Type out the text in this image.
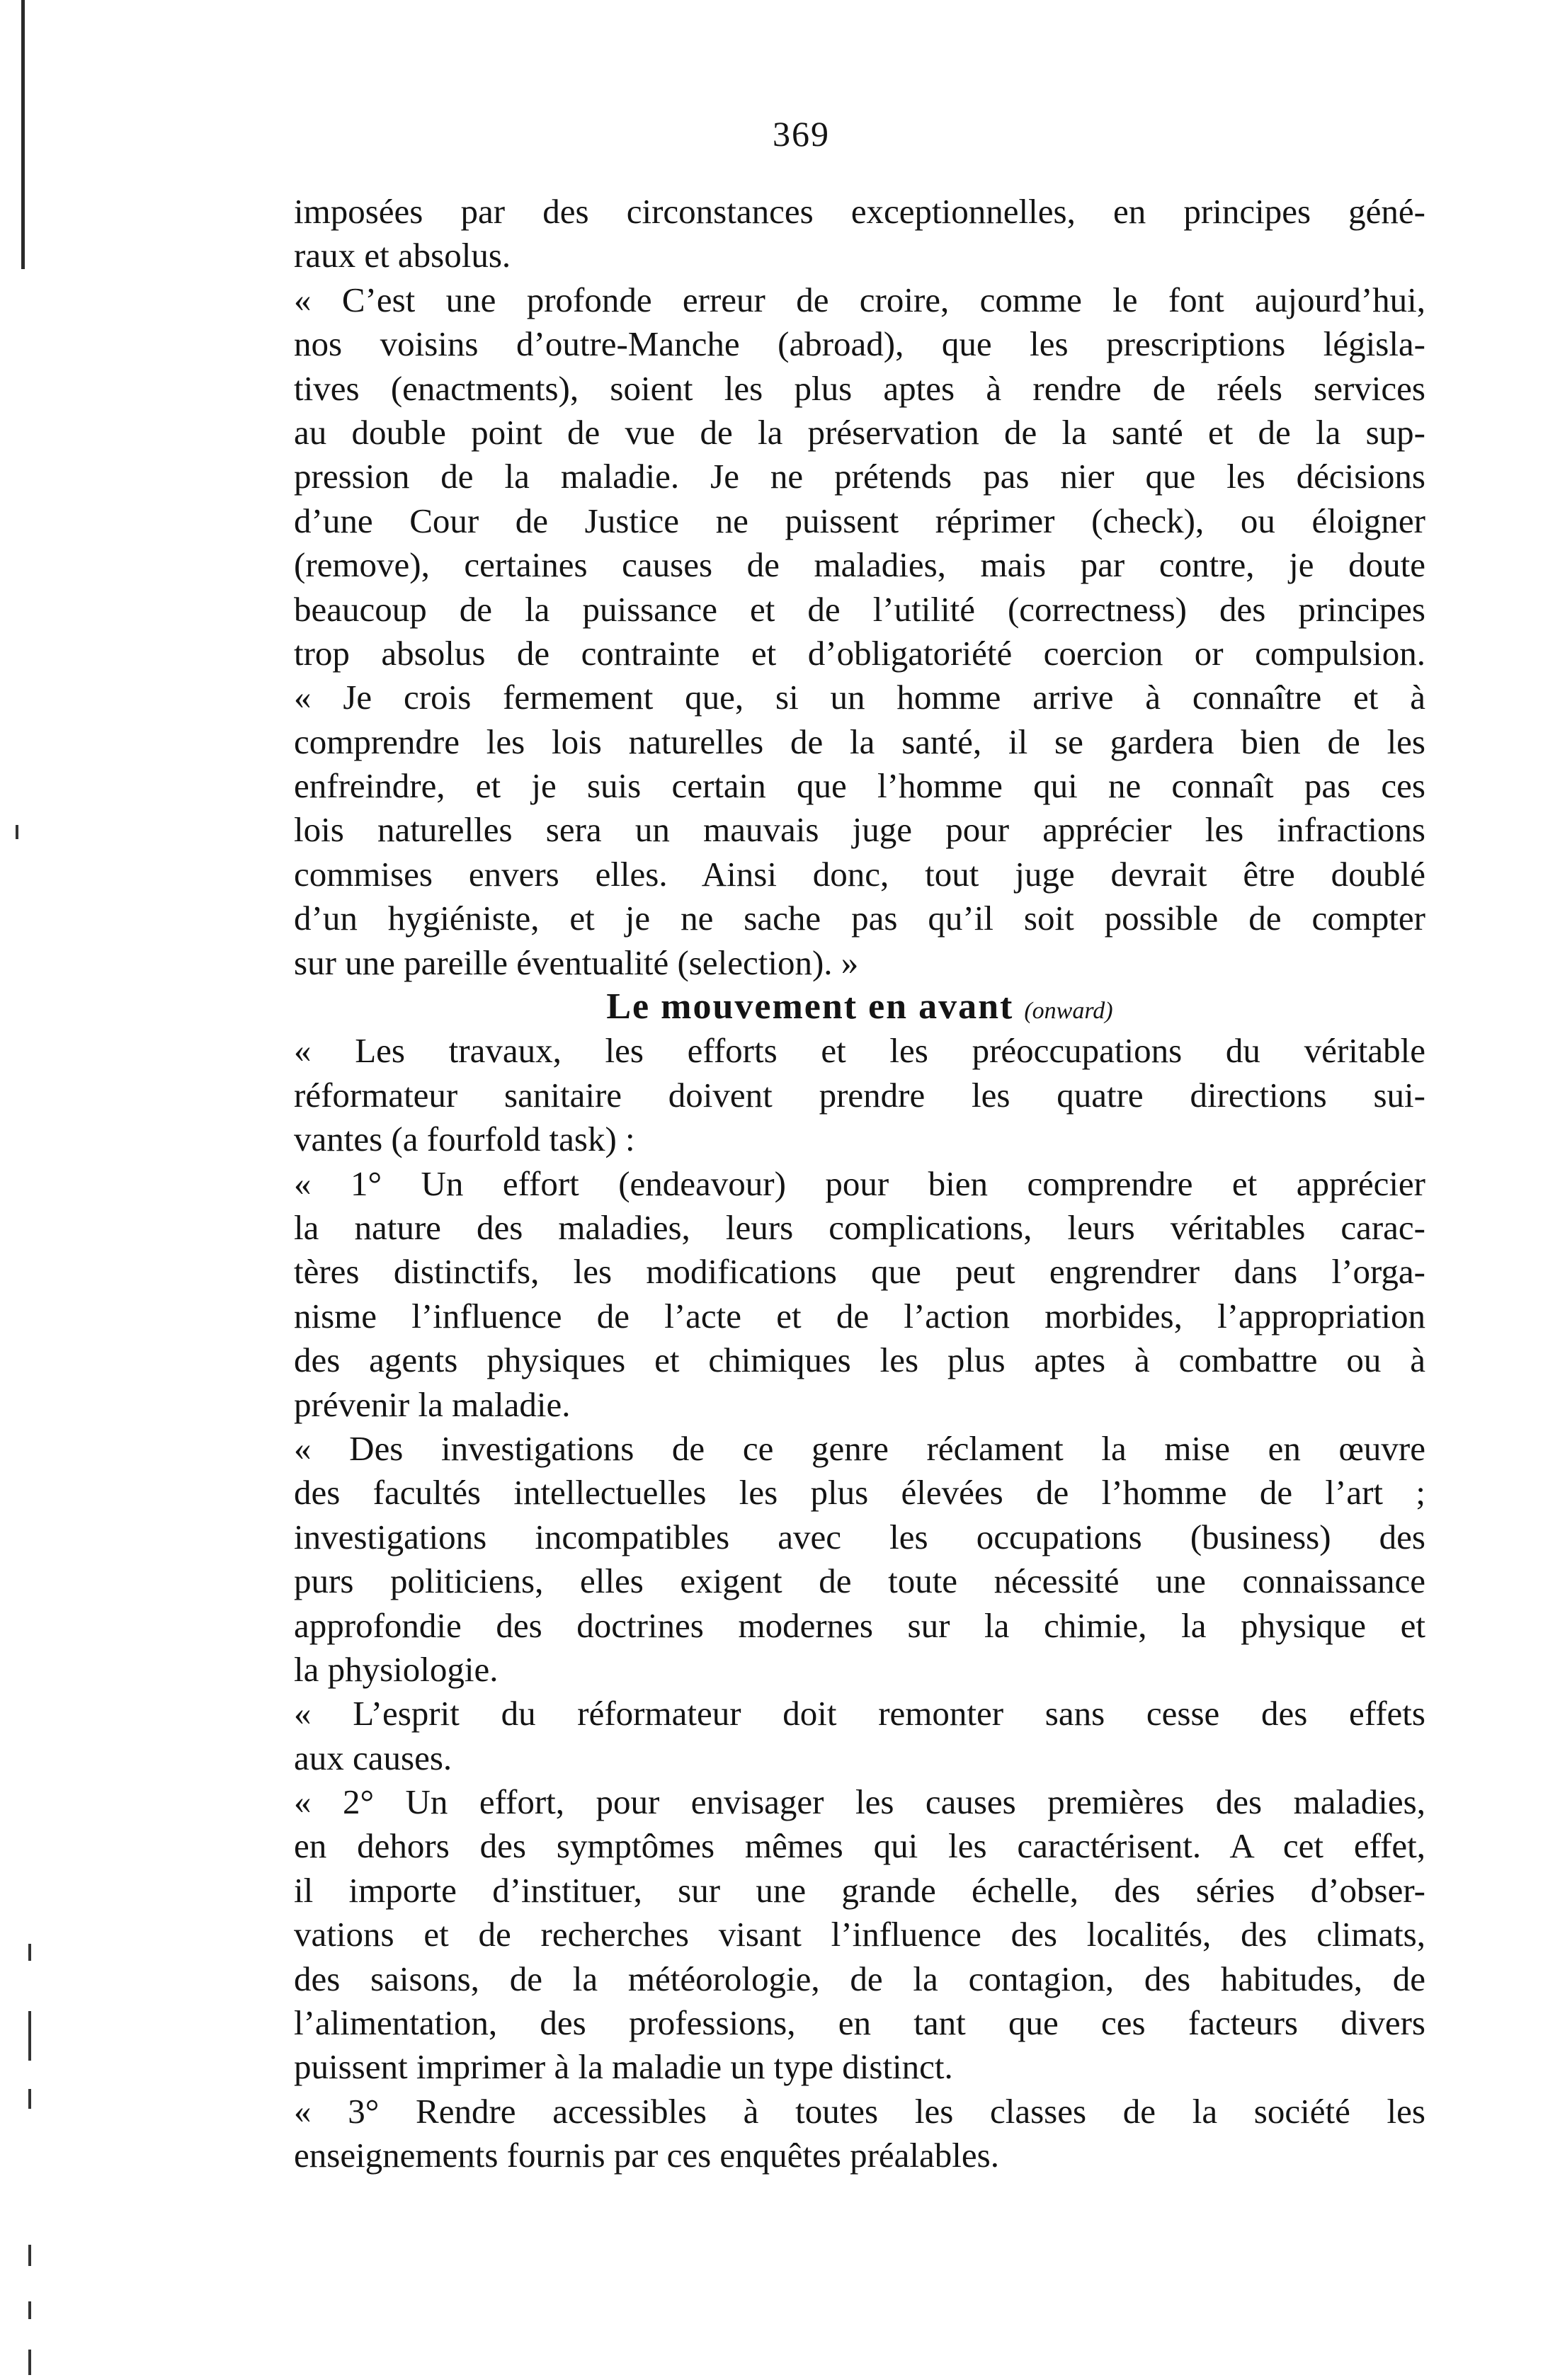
369
imposées par des circonstances exceptionnelles, en principes géné-
raux et absolus.
« C’est une profonde erreur de croire, comme le font aujourd’hui,
nos voisins d’outre-Manche (abroad), que les prescriptions législa-
tives (enactments), soient les plus aptes à rendre de réels services
au double point de vue de la préservation de la santé et de la sup-
pression de la maladie. Je ne prétends pas nier que les décisions
d’une Cour de Justice ne puissent réprimer (check), ou éloigner
(remove), certaines causes de maladies, mais par contre, je doute
beaucoup de la puissance et de l’utilité (correctness) des principes
trop absolus de contrainte et d’obligatoriété coercion or compulsion.
« Je crois fermement que, si un homme arrive à connaître et à
comprendre les lois naturelles de la santé, il se gardera bien de les
enfreindre, et je suis certain que l’homme qui ne connaît pas ces
lois naturelles sera un mauvais juge pour apprécier les infractions
commises envers elles. Ainsi donc, tout juge devrait être doublé
d’un hygiéniste, et je ne sache pas qu’il soit possible de compter
sur une pareille éventualité (selection). »
Le mouvement en avant (onward)
« Les travaux, les efforts et les préoccupations du véritable
réformateur sanitaire doivent prendre les quatre directions sui-
vantes (a fourfold task) :
« 1° Un effort (endeavour) pour bien comprendre et apprécier
la nature des maladies, leurs complications, leurs véritables carac-
tères distinctifs, les modifications que peut engrendrer dans l’orga-
nisme l’influence de l’acte et de l’action morbides, l’appropriation
des agents physiques et chimiques les plus aptes à combattre ou à
prévenir la maladie.
« Des investigations de ce genre réclament la mise en œuvre
des facultés intellectuelles les plus élevées de l’homme de l’art ;
investigations incompatibles avec les occupations (business) des
purs politiciens, elles exigent de toute nécessité une connaissance
approfondie des doctrines modernes sur la chimie, la physique et
la physiologie.
« L’esprit du réformateur doit remonter sans cesse des effets
aux causes.
« 2° Un effort, pour envisager les causes premières des maladies,
en dehors des symptômes mêmes qui les caractérisent. A cet effet,
il importe d’instituer, sur une grande échelle, des séries d’obser-
vations et de recherches visant l’influence des localités, des climats,
des saisons, de la météorologie, de la contagion, des habitudes, de
l’alimentation, des professions, en tant que ces facteurs divers
puissent imprimer à la maladie un type distinct.
« 3° Rendre accessibles à toutes les classes de la société les
enseignements fournis par ces enquêtes préalables.
